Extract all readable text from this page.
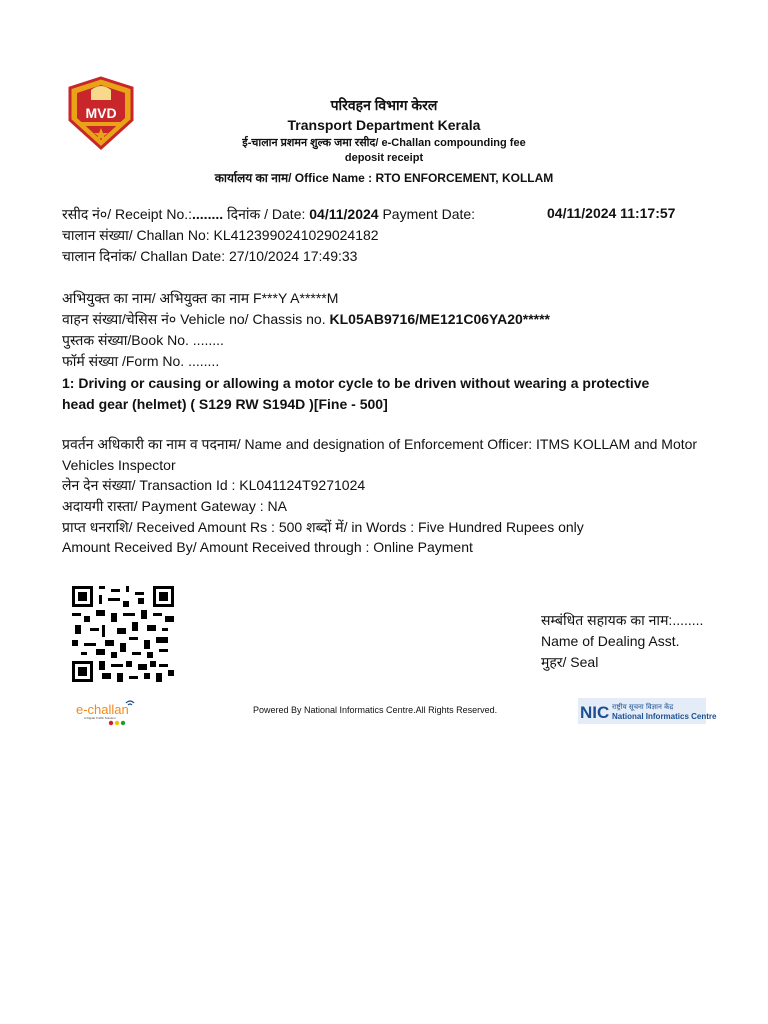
MVD	परिवहन विभाग केरल
Transport Department Kerala
ई-चालान प्रशमन शुल्क जमा रसीद/ e-Challan compounding fee
deposit receipt
कार्यालय का नाम/ Office Name : RTO ENFORCEMENT, KOLLAM
रसीद नं०/ Receipt No.:........ दिनांक / Date: 04/11/2024 Payment Date:	04/11/2024 11:17:57
चालान संख्या/ Challan No: KL4123990241029024182
चालान दिनांक/ Challan Date: 27/10/2024 17:49:33
अभियुक्त का नाम/ अभियुक्त का नाम F***Y A*****M
वाहन संख्या/चेसिस नं० Vehicle no/ Chassis no. KL05AB9716/ME121C06YA20*****
पुस्तक संख्या/Book No. ........
फॉर्म संख्या /Form No. ........
1: Driving or causing or allowing a motor cycle to be driven without wearing a protective head gear (helmet) ( S129 RW S194D )[Fine - 500]
प्रवर्तन अधिकारी का नाम व पदनाम/ Name and designation of Enforcement Officer: ITMS KOLLAM and Motor Vehicles Inspector
लेन देन संख्या/ Transaction Id : KL041124T9271024
अदायगी रास्ता/ Payment Gateway : NA
प्राप्त धनराशि/ Received Amount Rs : 500 शब्दों में/ in Words : Five Hundred Rupees only
Amount Received By/ Amount Received through : Online Payment
सम्बंधित सहायक का नाम:........
Name of Dealing Asst.
मुहर/ Seal
e-challan
A Digital Traffic Solution
Powered By National Informatics Centre.All Rights Reserved.	NIC राष्ट्रीय सूचना विज्ञान केंद्र
National Informatics Centre
